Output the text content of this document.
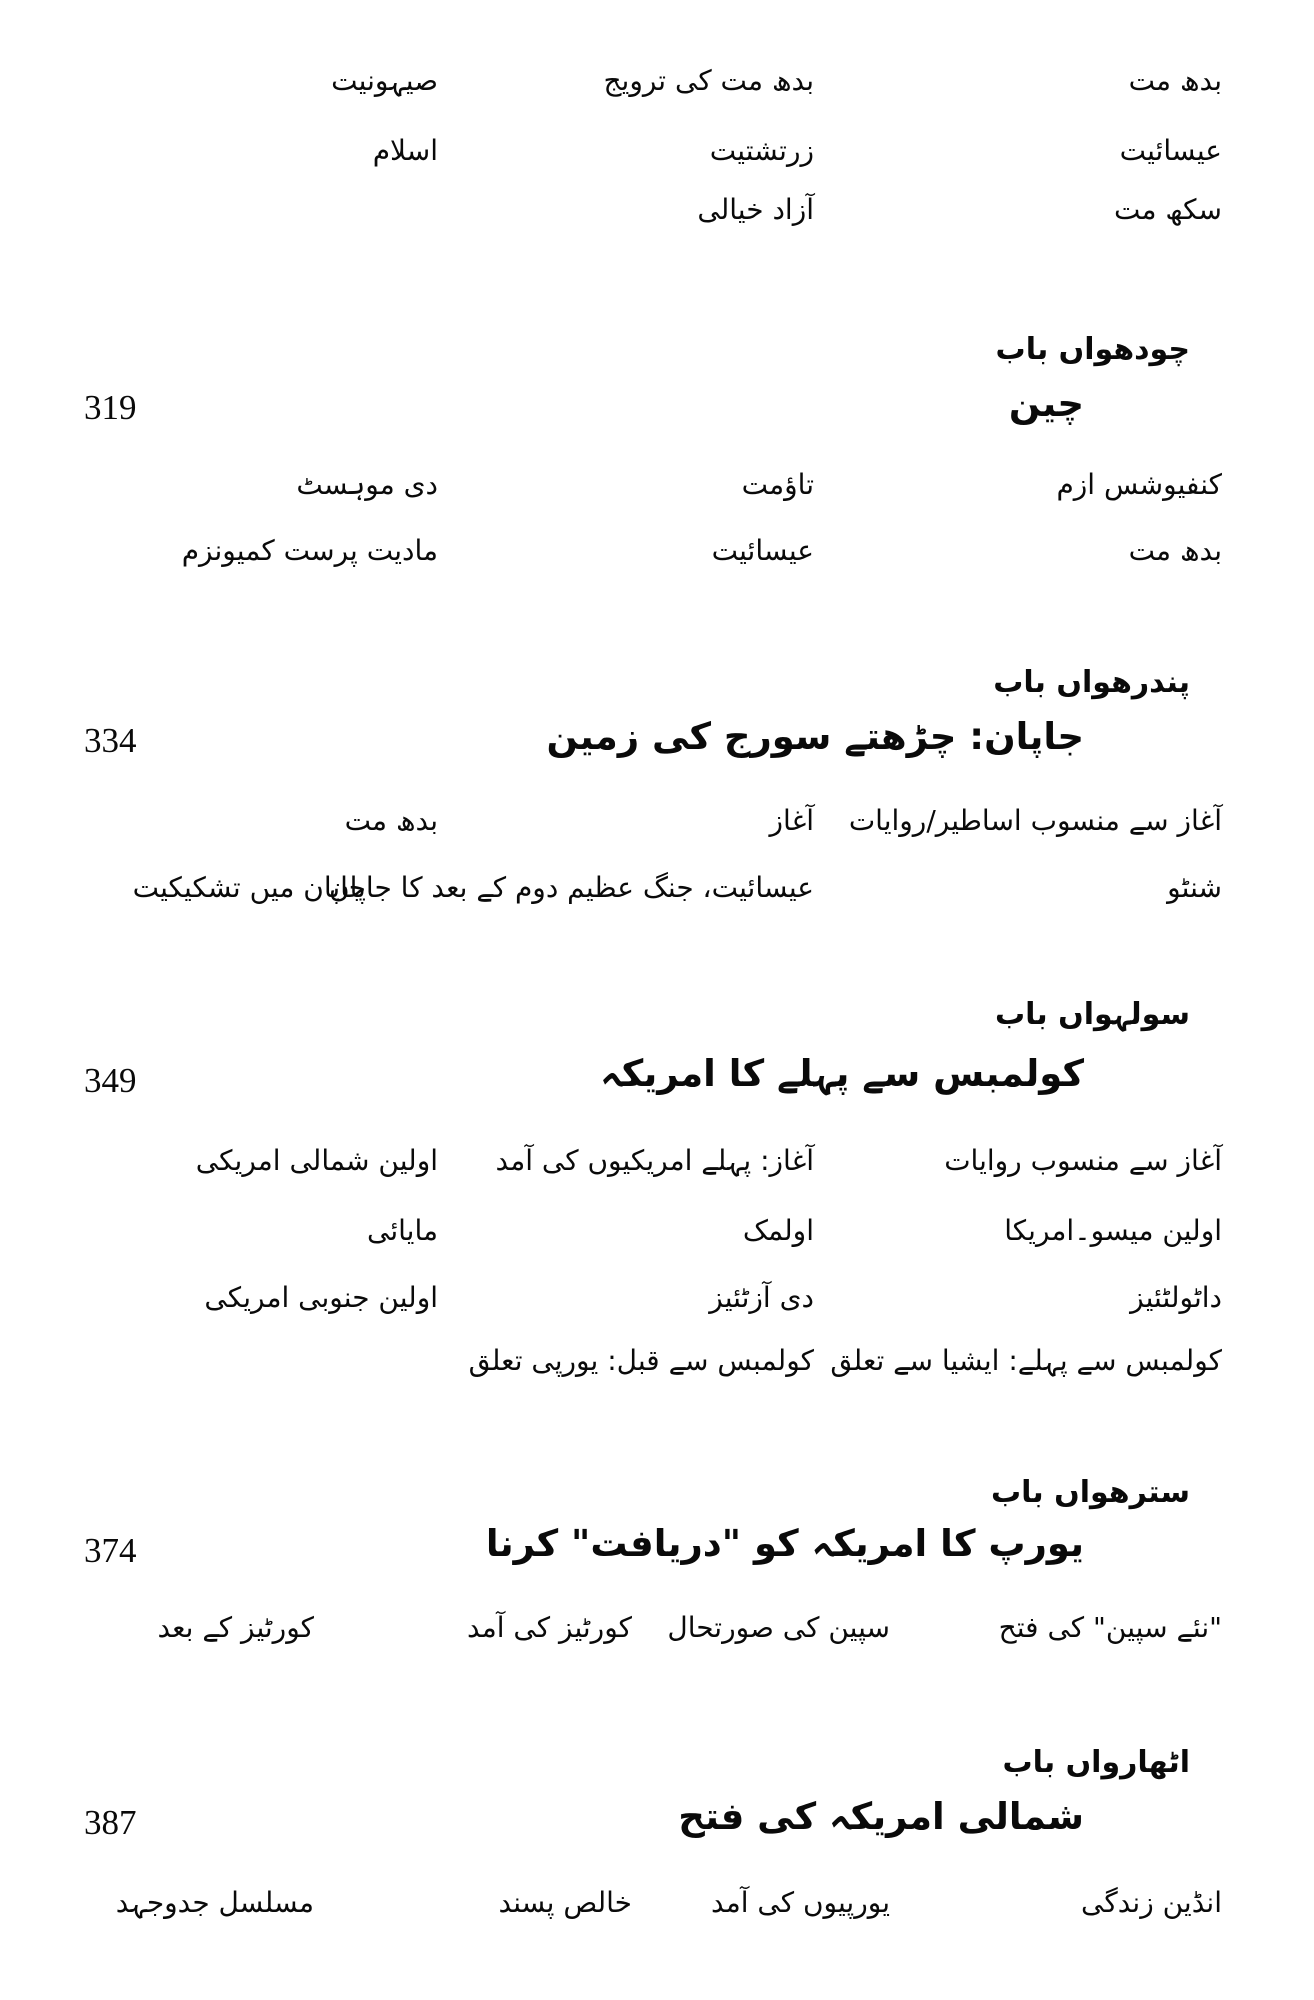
بدھ مت
بدھ مت کی ترویج
صیہونیت
عیسائیت
زرتشتیت
اسلام
سکھ مت
آزاد خیالی
چودھواں باب
چین
319
کنفیوشس ازم
تاؤمت
دی موہسٹ
بدھ مت
عیسائیت
مادیت پرست کمیونزم
پندرھواں باب
جاپان: چڑھتے سورج کی زمین
334
آغاز سے منسوب اساطیر/روایات
آغاز
بدھ مت
شنٹو
عیسائیت، جنگ عظیم دوم کے بعد کا جاپان
جاپان میں تشکیکیت
سولہواں باب
کولمبس سے پہلے کا امریکہ
349
آغاز سے منسوب روایات
آغاز: پہلے امریکیوں کی آمد
اولین شمالی امریکی
اولین میسو۔امریکا
اولمک
مایائی
داٹولٹئیز
دی آزٹئیز
اولین جنوبی امریکی
کولمبس سے پہلے: ایشیا سے تعلق
کولمبس سے قبل: یورپی تعلق
سترھواں باب
یورپ کا امریکہ کو "دریافت" کرنا
374
"نئے سپین" کی فتح
سپین کی صورتحال
کورٹیز کی آمد
کورٹیز کے بعد
اٹھارواں باب
شمالی امریکہ کی فتح
387
انڈین زندگی
یورپیوں کی آمد
خالص پسند
مسلسل جدوجہد
